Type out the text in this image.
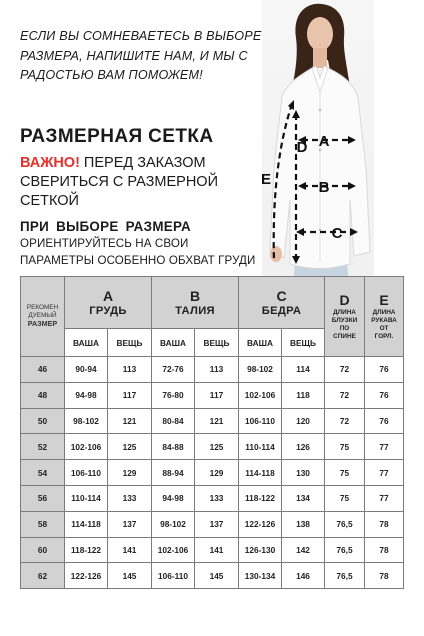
ЕСЛИ ВЫ СОМНЕВАЕТЕСЬ В ВЫБОРЕ
РАЗМЕРА, НАПИШИТЕ НАМ, И МЫ С
РАДОСТЬЮ ВАМ ПОМОЖЕМ!
РАЗМЕРНАЯ СЕТКА
ВАЖНО! ПЕРЕД ЗАКАЗОМ СВЕРИТЬСЯ С РАЗМЕРНОЙ СЕТКОЙ
ПРИ ВЫБОРЕ РАЗМЕРА
ОРИЕНТИРУЙТЕСЬ НА СВОИ ПАРАМЕТРЫ ОСОБЕННО ОБХВАТ ГРУДИ
A
B
C
D
E
РЕКОМЕН
ДУЕМЫЙ
РАЗМЕР	A
ГРУДЬ		B
ТАЛИЯ		C
БЕДРА		D
ДЛИНА
БЛУЗКИ
ПО
СПИНЕ	E
ДЛИНА
РУКАВА
ОТ
ГОРЛ.

	ВАША	ВЕЩЬ	ВАША	ВЕЩЬ	ВАША	ВЕЩЬ		
46	90-94	113	72-76	113	98-102	114	72	76
48	94-98	117	76-80	117	102-106	118	72	76
50	98-102	121	80-84	121	106-110	120	72	76
52	102-106	125	84-88	125	110-114	126	75	77
54	106-110	129	88-94	129	114-118	130	75	77
56	110-114	133	94-98	133	118-122	134	75	77
58	114-118	137	98-102	137	122-126	138	76,5	78
60	118-122	141	102-106	141	126-130	142	76,5	78
62	122-126	145	106-110	145	130-134	146	76,5	78
